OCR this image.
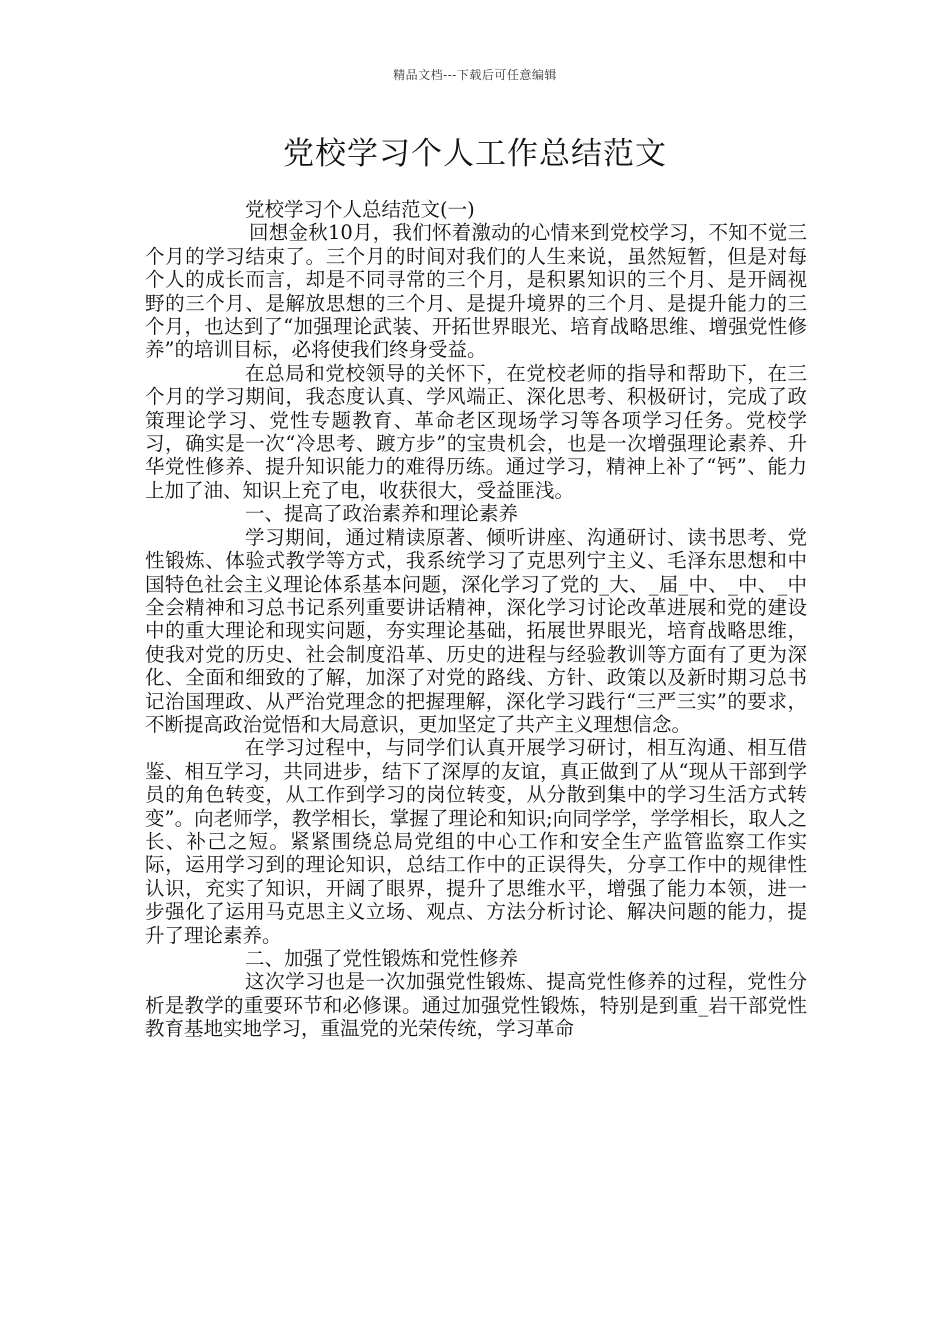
精品文档---下载后可任意编辑
党校学习个人工作总结范文

党校学习个人总结范文(一)

回想金秋10月，我们怀着激动的心情来到党校学习，不知不觉三个月的学习结束了。三个月的时间对我们的人生来说，虽然短暂，但是对每个人的成长而言，却是不同寻常的三个月，是积累知识的三个月、是开阔视野的三个月、是解放思想的三个月、是提升境界的三个月、是提升能力的三个月，也达到了“加强理论武装、开拓世界眼光、培育战略思维、增强党性修养”的培训目标，必将使我们终身受益。

在总局和党校领导的关怀下，在党校老师的指导和帮助下，在三个月的学习期间，我态度认真、学风端正、深化思考、积极研讨，完成了政策理论学习、党性专题教育、革命老区现场学习等各项学习任务。党校学习，确实是一次“冷思考、踱方步”的宝贵机会，也是一次增强理论素养、升华党性修养、提升知识能力的难得历练。通过学习，精神上补了“钙”、能力上加了油、知识上充了电，收获很大，受益匪浅。

一、提高了政治素养和理论素养

学习期间，通过精读原著、倾听讲座、沟通研讨、读书思考、党性锻炼、体验式教学等方式，我系统学习了克思列宁主义、毛泽东思想和中国特色社会主义理论体系基本问题，深化学习了党的_大、_届_中、_中、_中全会精神和习总书记系列重要讲话精神，深化学习讨论改革进展和党的建设中的重大理论和现实问题，夯实理论基础，拓展世界眼光，培育战略思维，使我对党的历史、社会制度沿革、历史的进程与经验教训等方面有了更为深化、全面和细致的了解，加深了对党的路线、方针、政策以及新时期习总书记治国理政、从严治党理念的把握理解，深化学习践行“三严三实”的要求，不断提高政治觉悟和大局意识，更加坚定了共产主义理想信念。

在学习过程中，与同学们认真开展学习研讨，相互沟通、相互借鉴、相互学习，共同进步，结下了深厚的友谊，真正做到了从“现从干部到学员的角色转变，从工作到学习的岗位转变，从分散到集中的学习生活方式转变”。向老师学，教学相长，掌握了理论和知识;向同学学，学学相长，取人之长、补己之短。紧紧围绕总局党组的中心工作和安全生产监管监察工作实际，运用学习到的理论知识，总结工作中的正误得失，分享工作中的规律性认识，充实了知识，开阔了眼界，提升了思维水平，增强了能力本领，进一步强化了运用马克思主义立场、观点、方法分析讨论、解决问题的能力，提升了理论素养。

二、加强了党性锻炼和党性修养

这次学习也是一次加强党性锻炼、提高党性修养的过程，党性分析是教学的重要环节和必修课。通过加强党性锻炼，特别是到重_岩干部党性教育基地实地学习，重温党的光荣传统，学习革命
